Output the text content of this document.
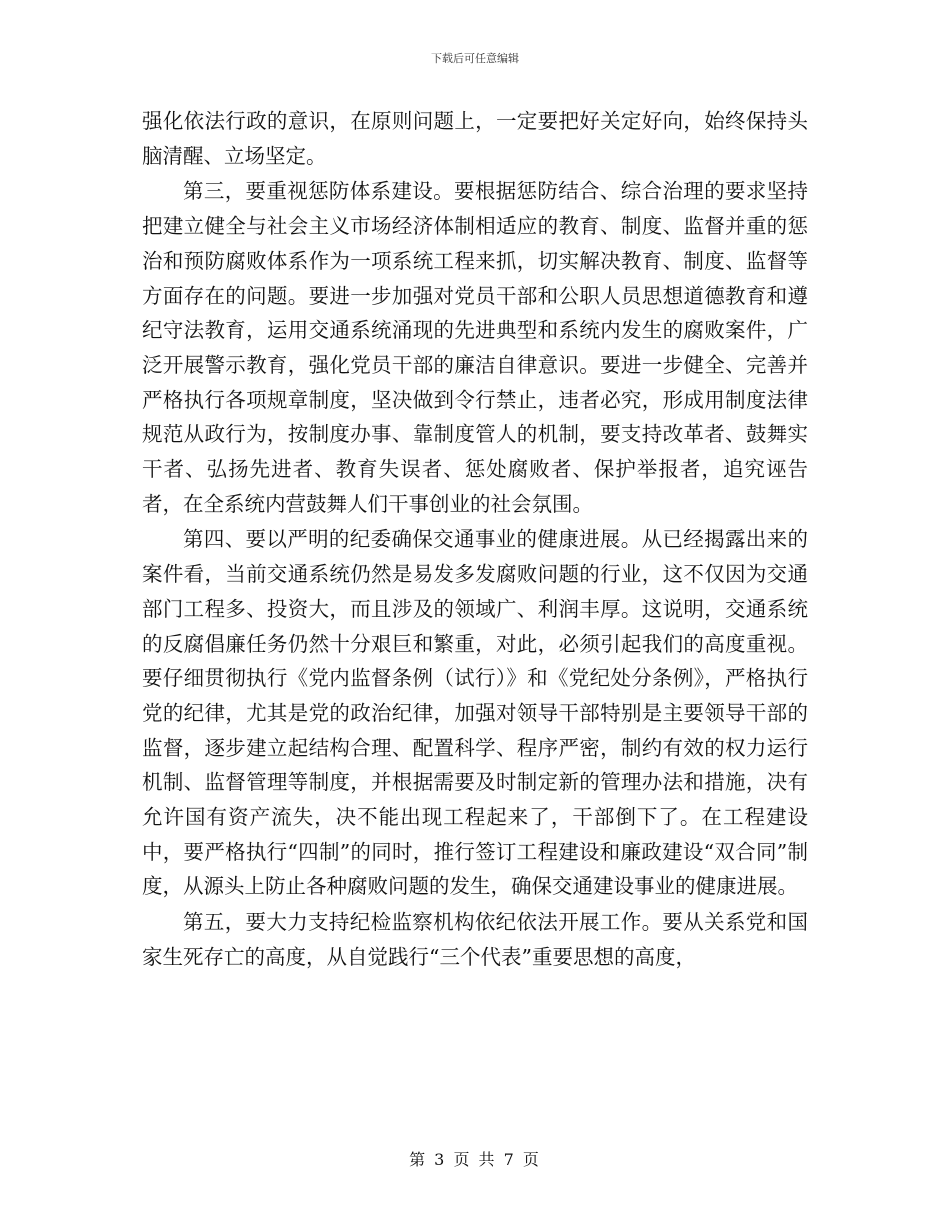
下载后可任意编辑

强化依法行政的意识，在原则问题上，一定要把好关定好向，始终保持头脑清醒、立场坚定。

第三，要重视惩防体系建设。要根据惩防结合、综合治理的要求坚持把建立健全与社会主义市场经济体制相适应的教育、制度、监督并重的惩治和预防腐败体系作为一项系统工程来抓，切实解决教育、制度、监督等方面存在的问题。要进一步加强对党员干部和公职人员思想道德教育和遵纪守法教育，运用交通系统涌现的先进典型和系统内发生的腐败案件，广泛开展警示教育，强化党员干部的廉洁自律意识。要进一步健全、完善并严格执行各项规章制度，坚决做到令行禁止，违者必究，形成用制度法律规范从政行为，按制度办事、靠制度管人的机制，要支持改革者、鼓舞实干者、弘扬先进者、教育失误者、惩处腐败者、保护举报者，追究诬告者，在全系统内营鼓舞人们干事创业的社会氛围。

第四、要以严明的纪委确保交通事业的健康进展。从已经揭露出来的案件看，当前交通系统仍然是易发多发腐败问题的行业，这不仅因为交通部门工程多、投资大，而且涉及的领域广、利润丰厚。这说明，交通系统的反腐倡廉任务仍然十分艰巨和繁重，对此，必须引起我们的高度重视。要仔细贯彻执行《党内监督条例（试行）》和《党纪处分条例》，严格执行党的纪律，尤其是党的政治纪律，加强对领导干部特别是主要领导干部的监督，逐步建立起结构合理、配置科学、程序严密，制约有效的权力运行机制、监督管理等制度，并根据需要及时制定新的管理办法和措施，决有允许国有资产流失，决不能出现工程起来了，干部倒下了。在工程建设中，要严格执行“四制”的同时，推行签订工程建设和廉政建设“双合同”制度，从源头上防止各种腐败问题的发生，确保交通建设事业的健康进展。

第五，要大力支持纪检监察机构依纪依法开展工作。要从关系党和国家生死存亡的高度，从自觉践行“三个代表”重要思想的高度，

第 3 页 共 7 页
